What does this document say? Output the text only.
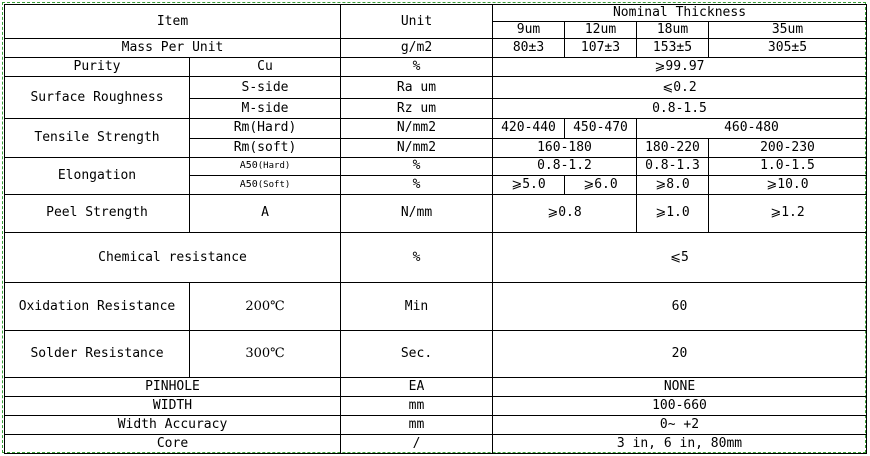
Item		Unit	Nominal Thickness			
			9um	12um	18um	35um
Mass Per Unit		g/m2	80±3	107±3	153±5	305±5
Purity	Cu	%	⩾99.97			
Surface Roughness	S-side	Ra um	⩽0.2			
	M-side	Rz um	0.8-1.5			
Tensile Strength	Rm(Hard)	N/mm2	420-440	450-470	460-480	
	Rm(soft)	N/mm2	160-180		180-220	200-230
Elongation	A50(Hard)	%	0.8-1.2		0.8-1.3	1.0-1.5
	A50(Soft)	%	⩾5.0	⩾6.0	⩾8.0	⩾10.0
Peel Strength	A	N/mm	⩾0.8		⩾1.0	⩾1.2
Chemical resistance		%	⩽5			
Oxidation Resistance	200℃	Min	60			
Solder Resistance	300℃	Sec.	20			
PINHOLE		EA	NONE			
WIDTH		mm	100-660			
Width Accuracy		mm	0~ +2			
Core		/	3 in, 6 in, 80mm			
